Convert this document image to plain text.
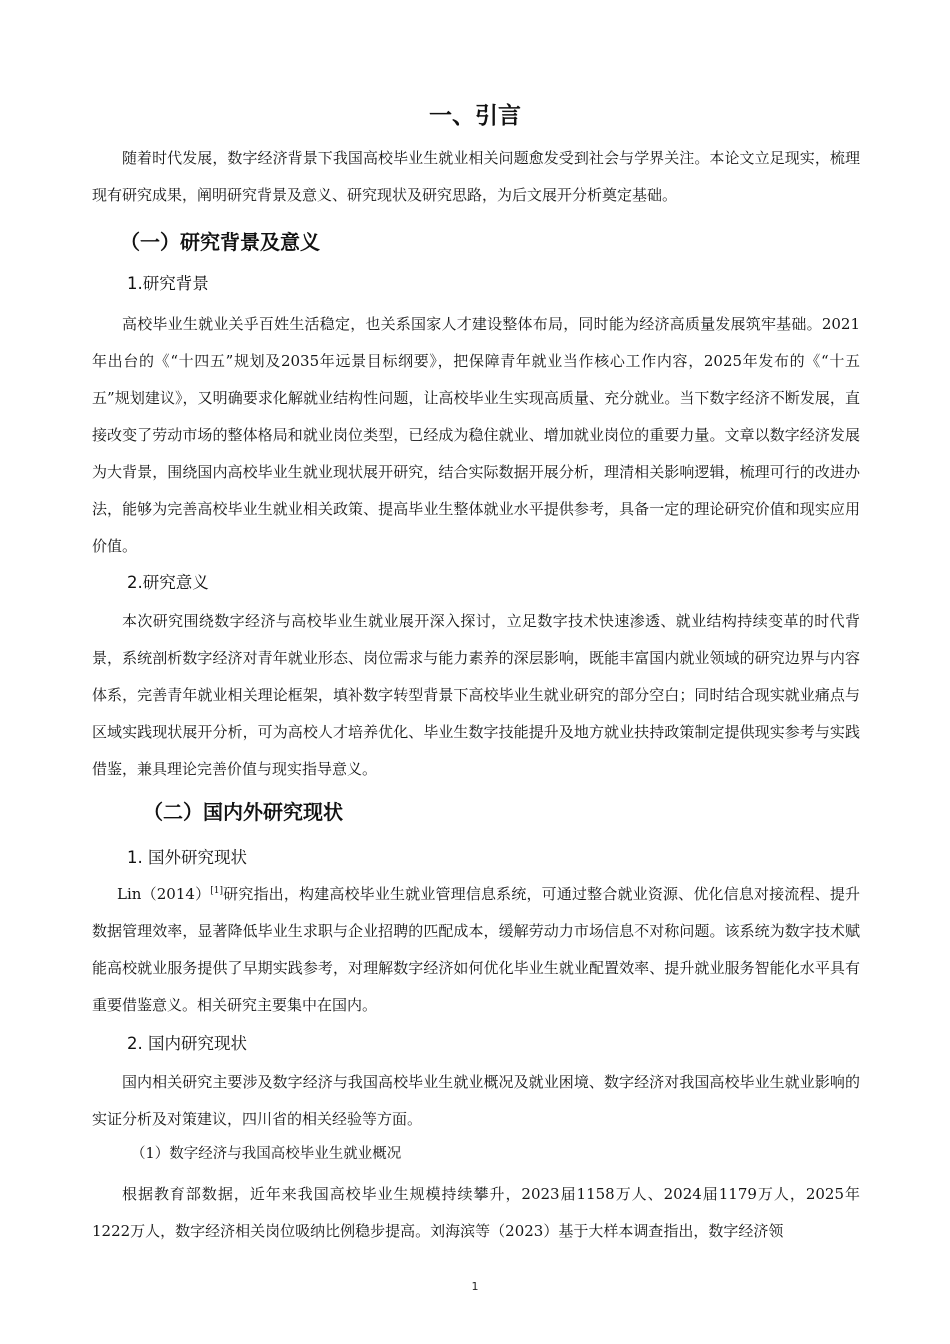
一、引言

随着时代发展，数字经济背景下我国高校毕业生就业相关问题愈发受到社会与学界关注。本论文立足现实，梳理现有研究成果，阐明研究背景及意义、研究现状及研究思路，为后文展开分析奠定基础。

（一）研究背景及意义
1.研究背景

高校毕业生就业关乎百姓生活稳定，也关系国家人才建设整体布局，同时能为经济高质量发展筑牢基础。2021年出台的《“十四五”规划及2035年远景目标纲要》，把保障青年就业当作核心工作内容，2025年发布的《“十五五”规划建议》，又明确要求化解就业结构性问题，让高校毕业生实现高质量、充分就业。当下数字经济不断发展，直接改变了劳动市场的整体格局和就业岗位类型，已经成为稳住就业、增加就业岗位的重要力量。文章以数字经济发展为大背景，围绕国内高校毕业生就业现状展开研究，结合实际数据开展分析，理清相关影响逻辑，梳理可行的改进办法，能够为完善高校毕业生就业相关政策、提高毕业生整体就业水平提供参考，具备一定的理论研究价值和现实应用价值。

2.研究意义

本次研究围绕数字经济与高校毕业生就业展开深入探讨，立足数字技术快速渗透、就业结构持续变革的时代背景，系统剖析数字经济对青年就业形态、岗位需求与能力素养的深层影响，既能丰富国内就业领域的研究边界与内容体系，完善青年就业相关理论框架，填补数字转型背景下高校毕业生就业研究的部分空白；同时结合现实就业痛点与区域实践现状展开分析，可为高校人才培养优化、毕业生数字技能提升及地方就业扶持政策制定提供现实参考与实践借鉴，兼具理论完善价值与现实指导意义。

（二）国内外研究现状
1. 国外研究现状

Lin（2014）[1]研究指出，构建高校毕业生就业管理信息系统，可通过整合就业资源、优化信息对接流程、提升数据管理效率，显著降低毕业生求职与企业招聘的匹配成本，缓解劳动力市场信息不对称问题。该系统为数字技术赋能高校就业服务提供了早期实践参考，对理解数字经济如何优化毕业生就业配置效率、提升就业服务智能化水平具有重要借鉴意义。相关研究主要集中在国内。

2. 国内研究现状

国内相关研究主要涉及数字经济与我国高校毕业生就业概况及就业困境、数字经济对我国高校毕业生就业影响的实证分析及对策建议，四川省的相关经验等方面。

（1）数字经济与我国高校毕业生就业概况

根据教育部数据，近年来我国高校毕业生规模持续攀升，2023届1158万人、2024届1179万人，2025年1222万人，数字经济相关岗位吸纳比例稳步提高。刘海滨等（2023）基于大样本调查指出，数字经济领

1
